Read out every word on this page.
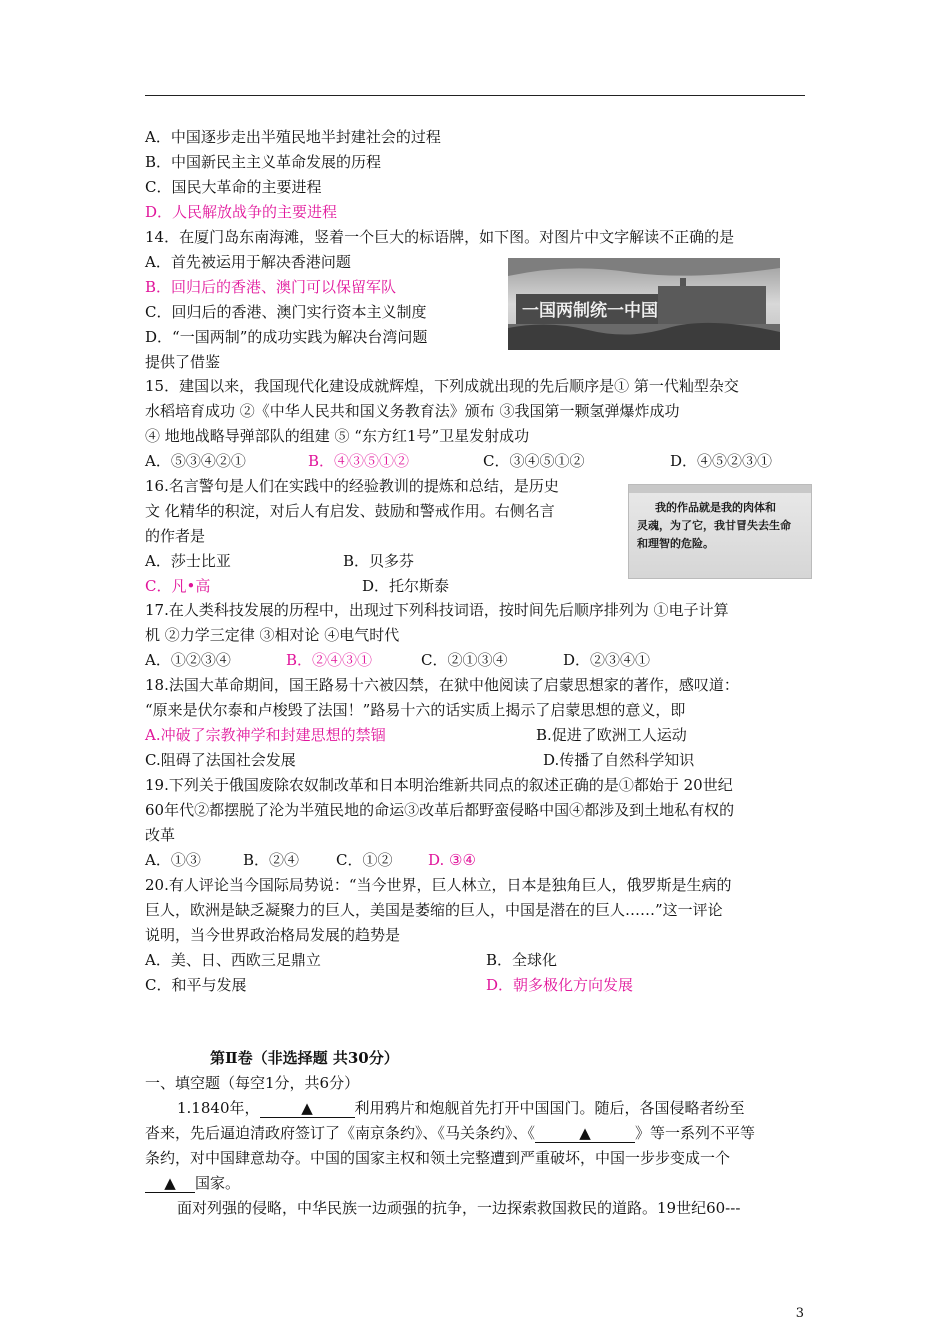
A．中国逐步走出半殖民地半封建社会的过程
B．中国新民主主义革命发展的历程
C．国民大革命的主要进程
D．人民解放战争的主要进程
14．在厦门岛东南海滩，竖着一个巨大的标语牌，如下图。对图片中文字解读不正确的是
A．首先被运用于解决香港问题
B．回归后的香港、澳门可以保留军队
C．回归后的香港、澳门实行资本主义制度
D．“一国两制”的成功实践为解决台湾问题
提供了借鉴
一国两制统一中国
15．建国以来，我国现代化建设成就辉煌，下列成就出现的先后顺序是① 第一代籼型杂交
水稻培育成功 ②《中华人民共和国义务教育法》颁布 ③我国第一颗氢弹爆炸成功
④ 地地战略导弹部队的组建 ⑤ “东方红1号”卫星发射成功
A．⑤③④②①	B．④③⑤①②	C．③④⑤①②	D．④⑤②③①
16.名言警句是人们在实践中的经验教训的提炼和总结，是历史
文 化精华的积淀，对后人有启发、鼓励和警戒作用。右侧名言
的作者是
A．莎士比亚	B．贝多芬
C．凡•高	D．托尔斯泰
我的作品就是我的肉体和
灵魂，为了它，我甘冒失去生命
和理智的危险。
17.在人类科技发展的历程中，出现过下列科技词语，按时间先后顺序排列为 ①电子计算
机 ②力学三定律 ③相对论 ④电气时代
A．①②③④	B．②④③①	C．②①③④	D．②③④①
18.法国大革命期间，国王路易十六被囚禁，在狱中他阅读了启蒙思想家的著作，感叹道：
“原来是伏尔泰和卢梭毁了法国！”路易十六的话实质上揭示了启蒙思想的意义，即
A.冲破了宗教神学和封建思想的禁锢	B.促进了欧洲工人运动
C.阻碍了法国社会发展	D.传播了自然科学知识
19.下列关于俄国废除农奴制改革和日本明治维新共同点的叙述正确的是①都始于 20世纪
60年代②都摆脱了沦为半殖民地的命运③改革后都野蛮侵略中国④都涉及到土地私有权的
改革
A．①③	B．②④ C．①② D. ③④
20.有人评论当今国际局势说：“当今世界，巨人林立，日本是独角巨人，俄罗斯是生病的
巨人，欧洲是缺乏凝聚力的巨人，美国是萎缩的巨人，中国是潜在的巨人……”这一评论
说明，当今世界政治格局发展的趋势是
A．美、日、西欧三足鼎立	B．全球化
C．和平与发展	D．朝多极化方向发展
第Ⅱ卷（非选择题 共30分）
一、填空题（每空1分，共6分）
1.1840年，	▲	利用鸦片和炮舰首先打开中国国门。随后，各国侵略者纷至
沓来，先后逼迫清政府签订了《南京条约》、《马关条约》、《	▲	》等一系列不平等
条约，对中国肆意劫夺。中国的国家主权和领土完整遭到严重破坏，中国一步步变成一个
▲ 国家。
面对列强的侵略，中华民族一边顽强的抗争，一边探索救国救民的道路。19世纪60---
3
